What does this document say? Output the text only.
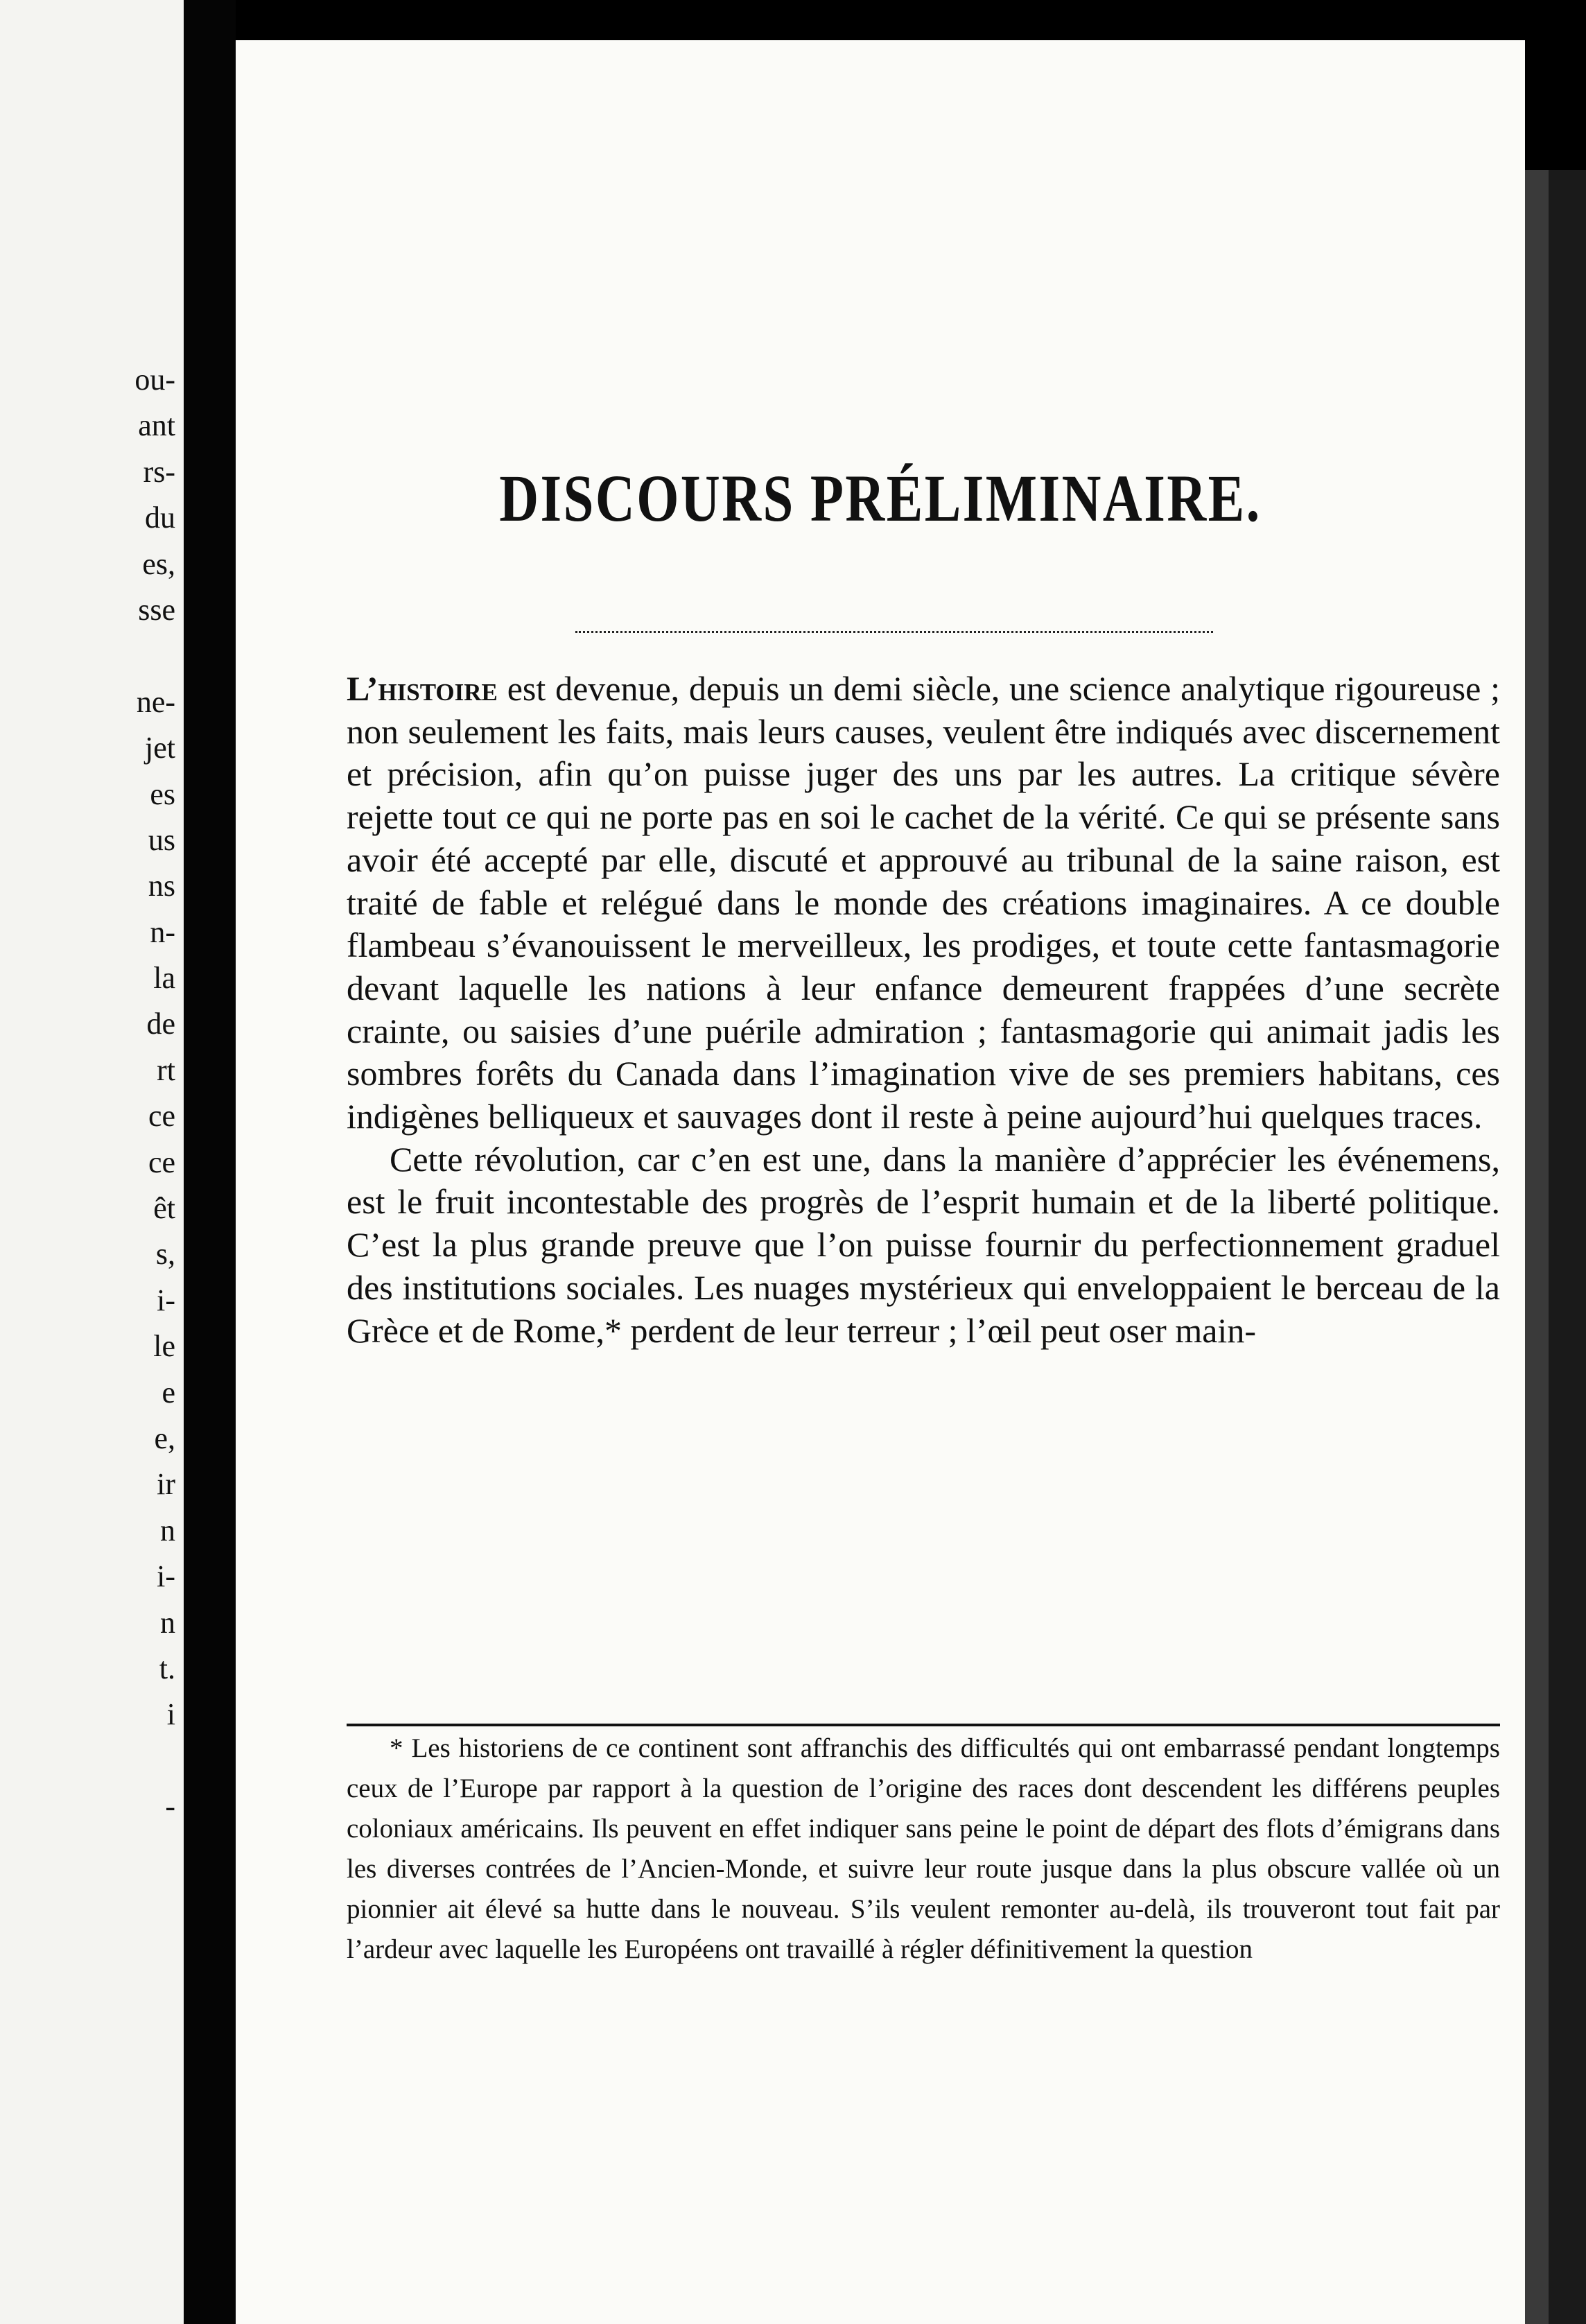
ou-
ant
rs-
du
es,
sse
ne-
jet
es
us
ns
n-
la
de
rt
ce
ce
êt
s,
i-
le
e
e,
ir
n
i-
n
t.
i
-
DISCOURS PRÉLIMINAIRE.

L’histoire est devenue, depuis un demi siècle, une science analytique rigoureuse ; non seulement les faits, mais leurs causes, veulent être indiqués avec discernement et précision, afin qu’on puisse juger des uns par les autres. La critique sévère rejette tout ce qui ne porte pas en soi le cachet de la vérité. Ce qui se présente sans avoir été accepté par elle, discuté et approuvé au tribunal de la saine raison, est traité de fable et relégué dans le monde des créations imaginaires. A ce double flambeau s’évanouissent le merveilleux, les prodiges, et toute cette fantasmagorie devant laquelle les nations à leur enfance demeurent frappées d’une secrète crainte, ou saisies d’une puérile admiration ; fantasmagorie qui animait jadis les sombres forêts du Canada dans l’imagination vive de ses premiers habitans, ces indigènes belliqueux et sauvages dont il reste à peine aujourd’hui quelques traces.

Cette révolution, car c’en est une, dans la manière d’apprécier les événemens, est le fruit incontestable des progrès de l’esprit humain et de la liberté politique. C’est la plus grande preuve que l’on puisse fournir du perfectionnement graduel des institutions sociales. Les nuages mystérieux qui enveloppaient le berceau de la Grèce et de Rome,* perdent de leur terreur ; l’œil peut oser main-

* Les historiens de ce continent sont affranchis des difficultés qui ont embarrassé pendant longtemps ceux de l’Europe par rapport à la question de l’origine des races dont descendent les différens peuples coloniaux américains. Ils peuvent en effet indiquer sans peine le point de départ des flots d’émigrans dans les diverses contrées de l’Ancien-Monde, et suivre leur route jusque dans la plus obscure vallée où un pionnier ait élevé sa hutte dans le nouveau. S’ils veulent remonter au-delà, ils trouveront tout fait par l’ardeur avec laquelle les Européens ont travaillé à régler définitivement la question
